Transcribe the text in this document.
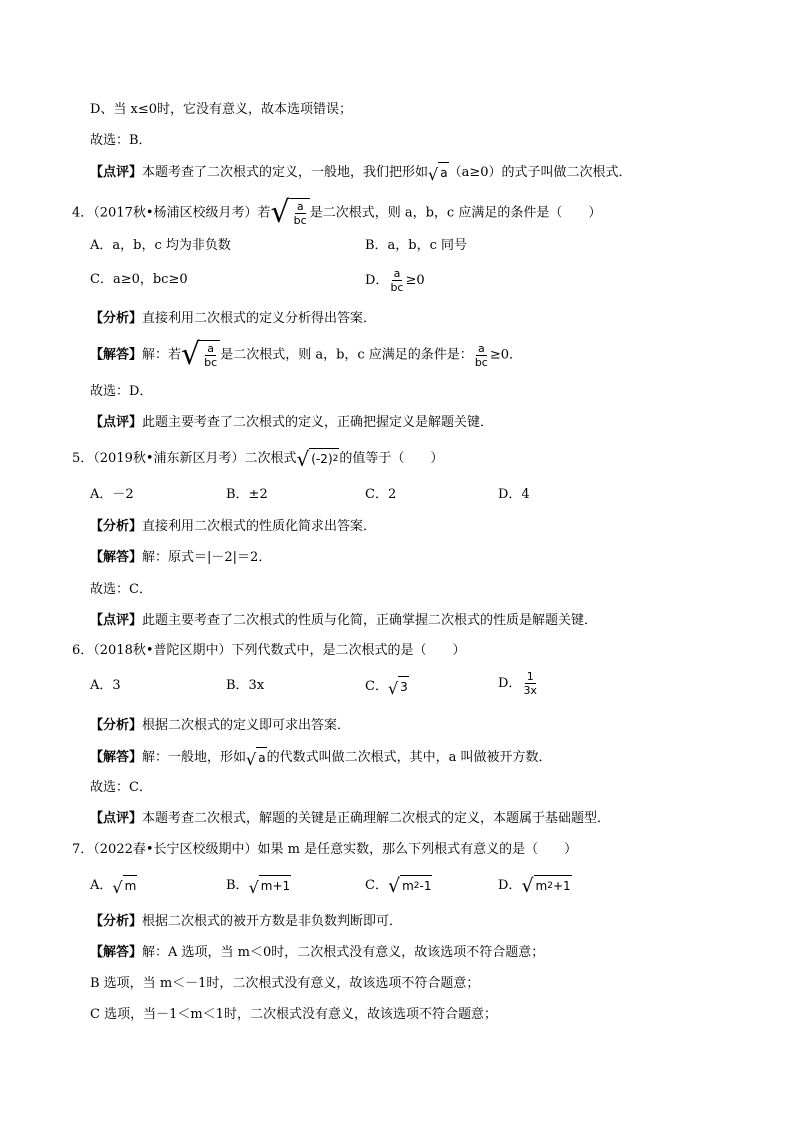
D、当 x≤0时，它没有意义，故本选项错误；
故选：B．
【点评】本题考查了二次根式的定义，一般地，我们把形如 √ a （a≥0）的式子叫做二次根式．
4．（2017秋•杨浦区校级月考）若 √ $\frac{a}{bc}$ 是二次根式，则 a，b，c 应满足的条件是（　　）
A．a，b，c 均为非负数	B．a，b，c 同号
C．a≥0，bc≥0	D． $\frac{a}{bc} \ge 0$
【分析】直接利用二次根式的定义分析得出答案．
【解答】解：若 √ $\frac{a}{bc}$ 是二次根式，则 a，b，c 应满足的条件是： $\frac{a}{bc} \ge 0$．
故选：D．
【点评】此题主要考查了二次根式的定义，正确把握定义是解题关键．
5．（2019秋•浦东新区月考）二次根式 √ (-2) 2 的值等于（　　）
A．－2	B．±2	C．2	D．4
【分析】直接利用二次根式的性质化简求出答案．
【解答】解：原式＝|－2|＝2．
故选：C．
【点评】此题主要考查了二次根式的性质与化简，正确掌握二次根式的性质是解题关键．
6．（2018秋•普陀区期中）下列代数式中，是二次根式的是（　　）
A．3	B．3x	C． √ 3	D． $\frac{1}{3x}$
【分析】根据二次根式的定义即可求出答案．
【解答】解：一般地，形如 √ a 的代数式叫做二次根式，其中，a 叫做被开方数．
故选：C．
【点评】本题考查二次根式，解题的关键是正确理解二次根式的定义，本题属于基础题型．
7．（2022春•长宁区校级期中）如果 m 是任意实数，那么下列根式有意义的是（　　）
A． √ m	B． √ m+1	C． √ m 2 -1	D． √ m 2 +1
【分析】根据二次根式的被开方数是非负数判断即可．
【解答】解：A 选项，当 m＜0时，二次根式没有意义，故该选项不符合题意；
B 选项，当 m＜－1时，二次根式没有意义，故该选项不符合题意；
C 选项，当－1＜m＜1时，二次根式没有意义，故该选项不符合题意；
